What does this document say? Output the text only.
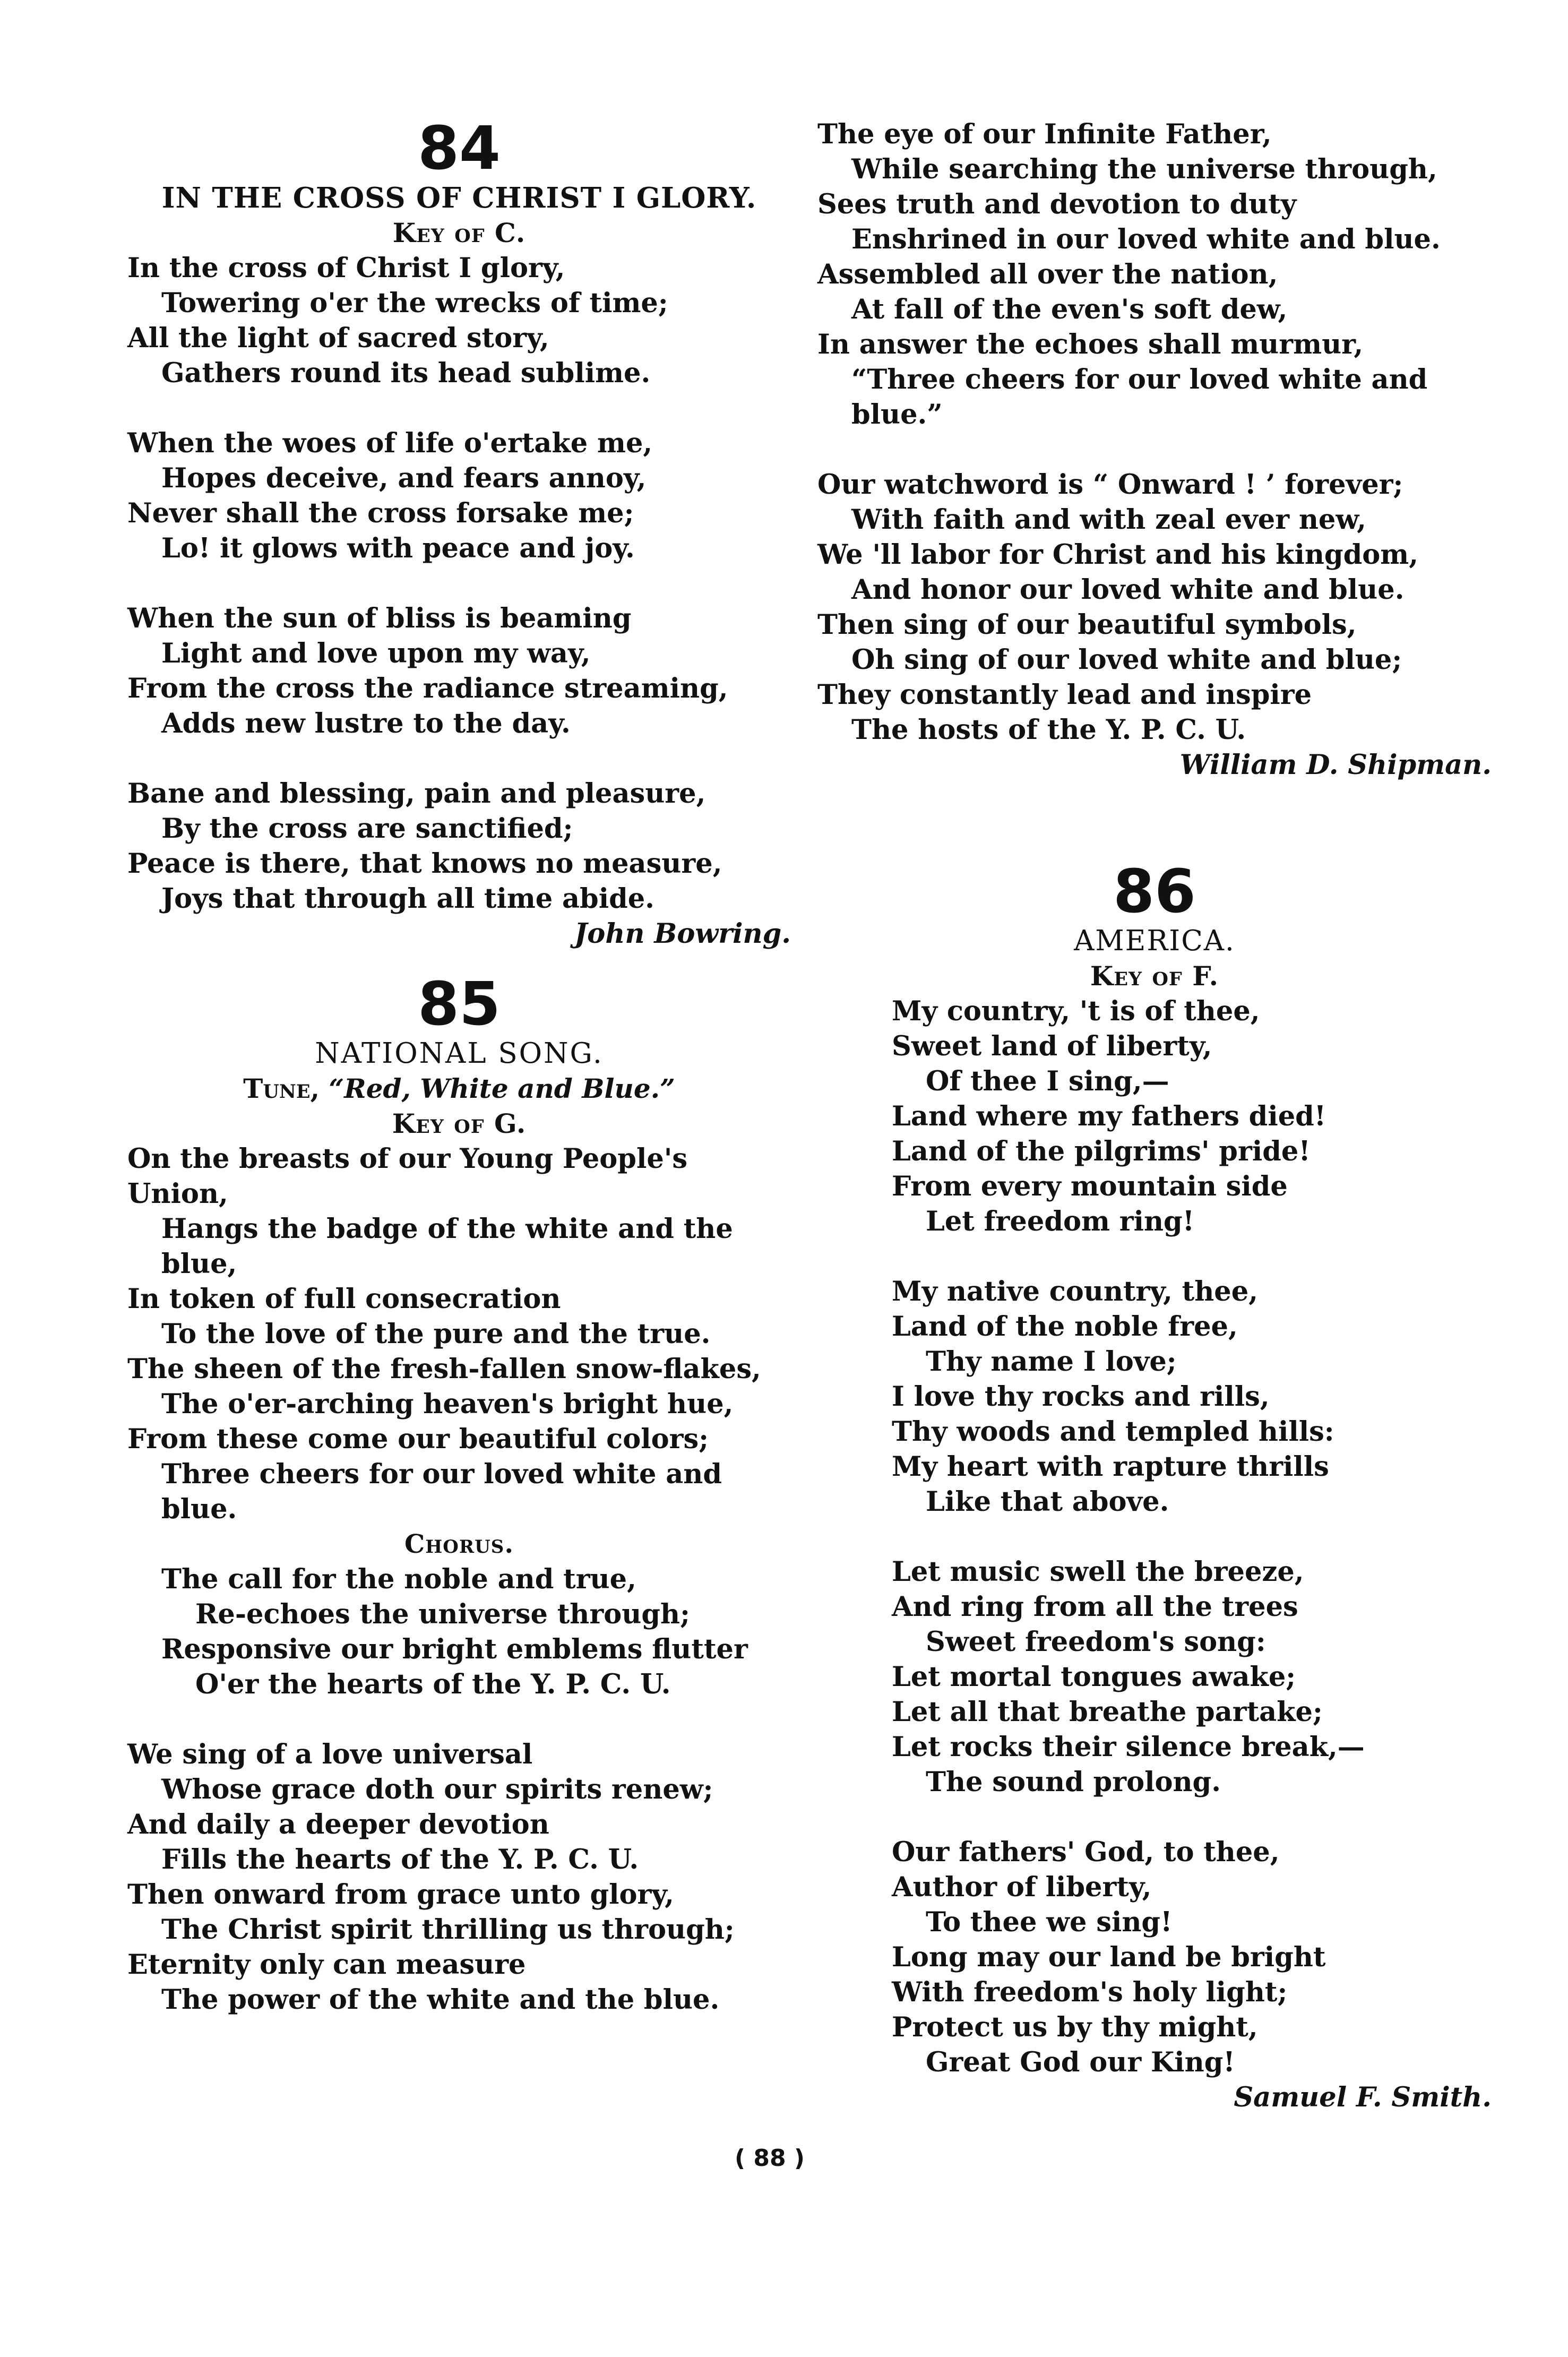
84
IN THE CROSS OF CHRIST I GLORY.
Key of C.
In the cross of Christ I glory,
Towering o'er the wrecks of time;
All the light of sacred story,
Gathers round its head sublime.
When the woes of life o'ertake me,
Hopes deceive, and fears annoy,
Never shall the cross forsake me;
Lo! it glows with peace and joy.
When the sun of bliss is beaming
Light and love upon my way,
From the cross the radiance streaming,
Adds new lustre to the day.
Bane and blessing, pain and pleasure,
By the cross are sanctified;
Peace is there, that knows no measure,
Joys that through all time abide.
John Bowring.
85
NATIONAL SONG.
Tune, “Red, White and Blue.”
Key of G.
On the breasts of our Young People's Union,
Hangs the badge of the white and the blue,
In token of full consecration
To the love of the pure and the true.
The sheen of the fresh-fallen snow-flakes,
The o'er-arching heaven's bright hue,
From these come our beautiful colors;
Three cheers for our loved white and blue.
Chorus.
The call for the noble and true,
Re-echoes the universe through;
Responsive our bright emblems flutter
O'er the hearts of the Y. P. C. U.
We sing of a love universal
Whose grace doth our spirits renew;
And daily a deeper devotion
Fills the hearts of the Y. P. C. U.
Then onward from grace unto glory,
The Christ spirit thrilling us through;
Eternity only can measure
The power of the white and the blue.
The eye of our Infinite Father,
While searching the universe through,
Sees truth and devotion to duty
Enshrined in our loved white and blue.
Assembled all over the nation,
At fall of the even's soft dew,
In answer the echoes shall murmur,
“Three cheers for our loved white and blue.”
Our watchword is “ Onward ! ’ forever;
With faith and with zeal ever new,
We 'll labor for Christ and his kingdom,
And honor our loved white and blue.
Then sing of our beautiful symbols,
Oh sing of our loved white and blue;
They constantly lead and inspire
The hosts of the Y. P. C. U.
William D. Shipman.
86
AMERICA.
Key of F.
My country, 't is of thee,
Sweet land of liberty,
Of thee I sing,—
Land where my fathers died!
Land of the pilgrims' pride!
From every mountain side
Let freedom ring!
My native country, thee,
Land of the noble free,
Thy name I love;
I love thy rocks and rills,
Thy woods and templed hills:
My heart with rapture thrills
Like that above.
Let music swell the breeze,
And ring from all the trees
Sweet freedom's song:
Let mortal tongues awake;
Let all that breathe partake;
Let rocks their silence break,—
The sound prolong.
Our fathers' God, to thee,
Author of liberty,
To thee we sing!
Long may our land be bright
With freedom's holy light;
Protect us by thy might,
Great God our King!
Samuel F. Smith.
( 88 )
